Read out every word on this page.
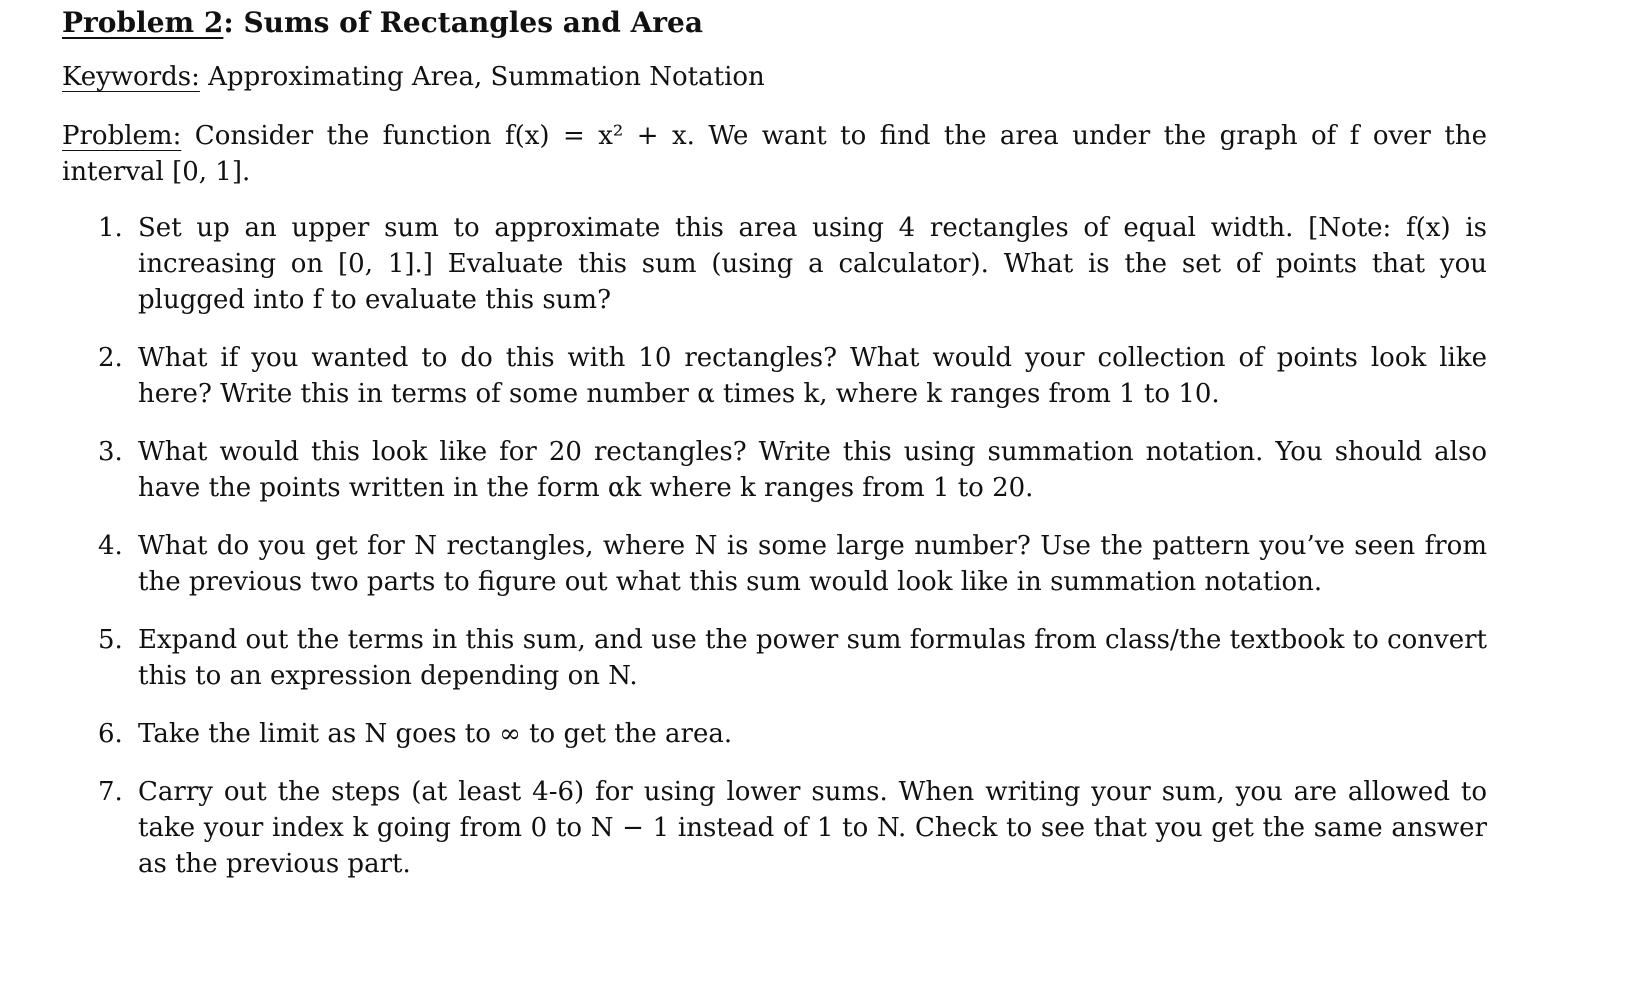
Problem 2: Sums of Rectangles and Area
Keywords: Approximating Area, Summation Notation
Problem: Consider the function f(x) = x² + x. We want to find the area under the graph of f over the interval [0, 1].
1. Set up an upper sum to approximate this area using 4 rectangles of equal width. [Note: f(x) is increasing on [0, 1].] Evaluate this sum (using a calculator). What is the set of points that you plugged into f to evaluate this sum?
2. What if you wanted to do this with 10 rectangles? What would your collection of points look like here? Write this in terms of some number α times k, where k ranges from 1 to 10.
3. What would this look like for 20 rectangles? Write this using summation notation. You should also have the points written in the form αk where k ranges from 1 to 20.
4. What do you get for N rectangles, where N is some large number? Use the pattern you’ve seen from the previous two parts to figure out what this sum would look like in summation notation.
5. Expand out the terms in this sum, and use the power sum formulas from class/the textbook to convert this to an expression depending on N.
6. Take the limit as N goes to ∞ to get the area.
7. Carry out the steps (at least 4-6) for using lower sums. When writing your sum, you are allowed to take your index k going from 0 to N − 1 instead of 1 to N. Check to see that you get the same answer as the previous part.
